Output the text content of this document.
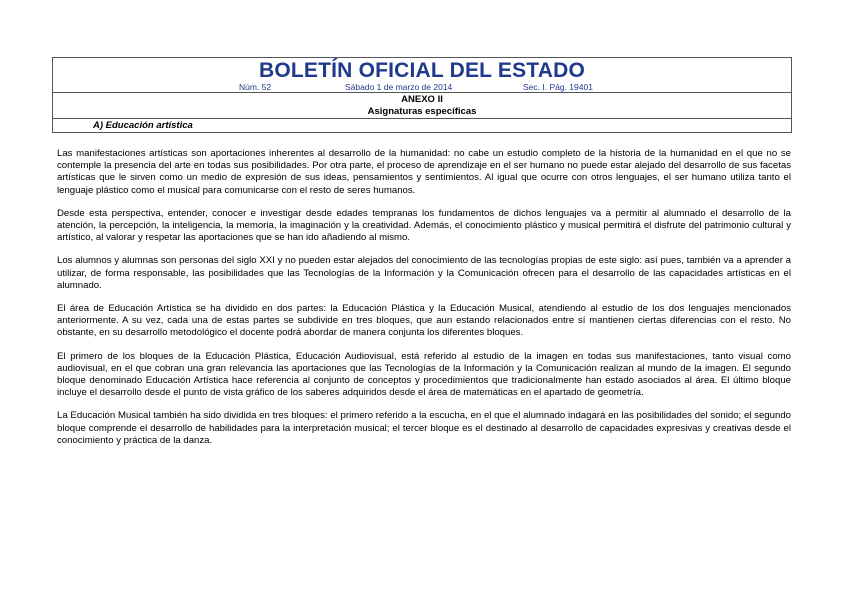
BOLETÍN OFICIAL DEL ESTADO
Núm. 52	Sábado 1 de marzo de 2014	Sec. I. Pág. 19401
ANEXO II
Asignaturas específicas
A) Educación artística

Las manifestaciones artísticas son aportaciones inherentes al desarrollo de la humanidad: no cabe un estudio completo de la historia de la humanidad en el que no se contemple la presencia del arte en todas sus posibilidades. Por otra parte, el proceso de aprendizaje en el ser humano no puede estar alejado del desarrollo de sus facetas artísticas que le sirven como un medio de expresión de sus ideas, pensamientos y sentimientos. Al igual que ocurre con otros lenguajes, el ser humano utiliza tanto el lenguaje plástico como el musical para comunicarse con el resto de seres humanos.

Desde esta perspectiva, entender, conocer e investigar desde edades tempranas los fundamentos de dichos lenguajes va a permitir al alumnado el desarrollo de la atención, la percepción, la inteligencia, la memoria, la imaginación y la creatividad. Además, el conocimiento plástico y musical permitirá el disfrute del patrimonio cultural y artístico, al valorar y respetar las aportaciones que se han ido añadiendo al mismo.

Los alumnos y alumnas son personas del siglo XXI y no pueden estar alejados del conocimiento de las tecnologías propias de este siglo: así pues, también va a aprender a utilizar, de forma responsable, las posibilidades que las Tecnologías de la Información y la Comunicación ofrecen para el desarrollo de las capacidades artísticas en el alumnado.

El área de Educación Artística se ha dividido en dos partes: la Educación Plástica y la Educación Musical, atendiendo al estudio de los dos lenguajes mencionados anteriormente. A su vez, cada una de estas partes se subdivide en tres bloques, que aun estando relacionados entre sí mantienen ciertas diferencias con el resto. No obstante, en su desarrollo metodológico el docente podrá abordar de manera conjunta los diferentes bloques.

El primero de los bloques de la Educación Plástica, Educación Audiovisual, está referido al estudio de la imagen en todas sus manifestaciones, tanto visual como audiovisual, en el que cobran una gran relevancia las aportaciones que las Tecnologías de la Información y la Comunicación realizan al mundo de la imagen. El segundo bloque denominado Educación Artística hace referencia al conjunto de conceptos y procedimientos que tradicionalmente han estado asociados al área. El último bloque incluye el desarrollo desde el punto de vista gráfico de los saberes adquiridos desde el área de matemáticas en el apartado de geometría.

La Educación Musical también ha sido dividida en tres bloques: el primero referido a la escucha, en el que el alumnado indagará en las posibilidades del sonido; el segundo bloque comprende el desarrollo de habilidades para la interpretación musical; el tercer bloque es el destinado al desarrollo de capacidades expresivas y creativas desde el conocimiento y práctica de la danza.
